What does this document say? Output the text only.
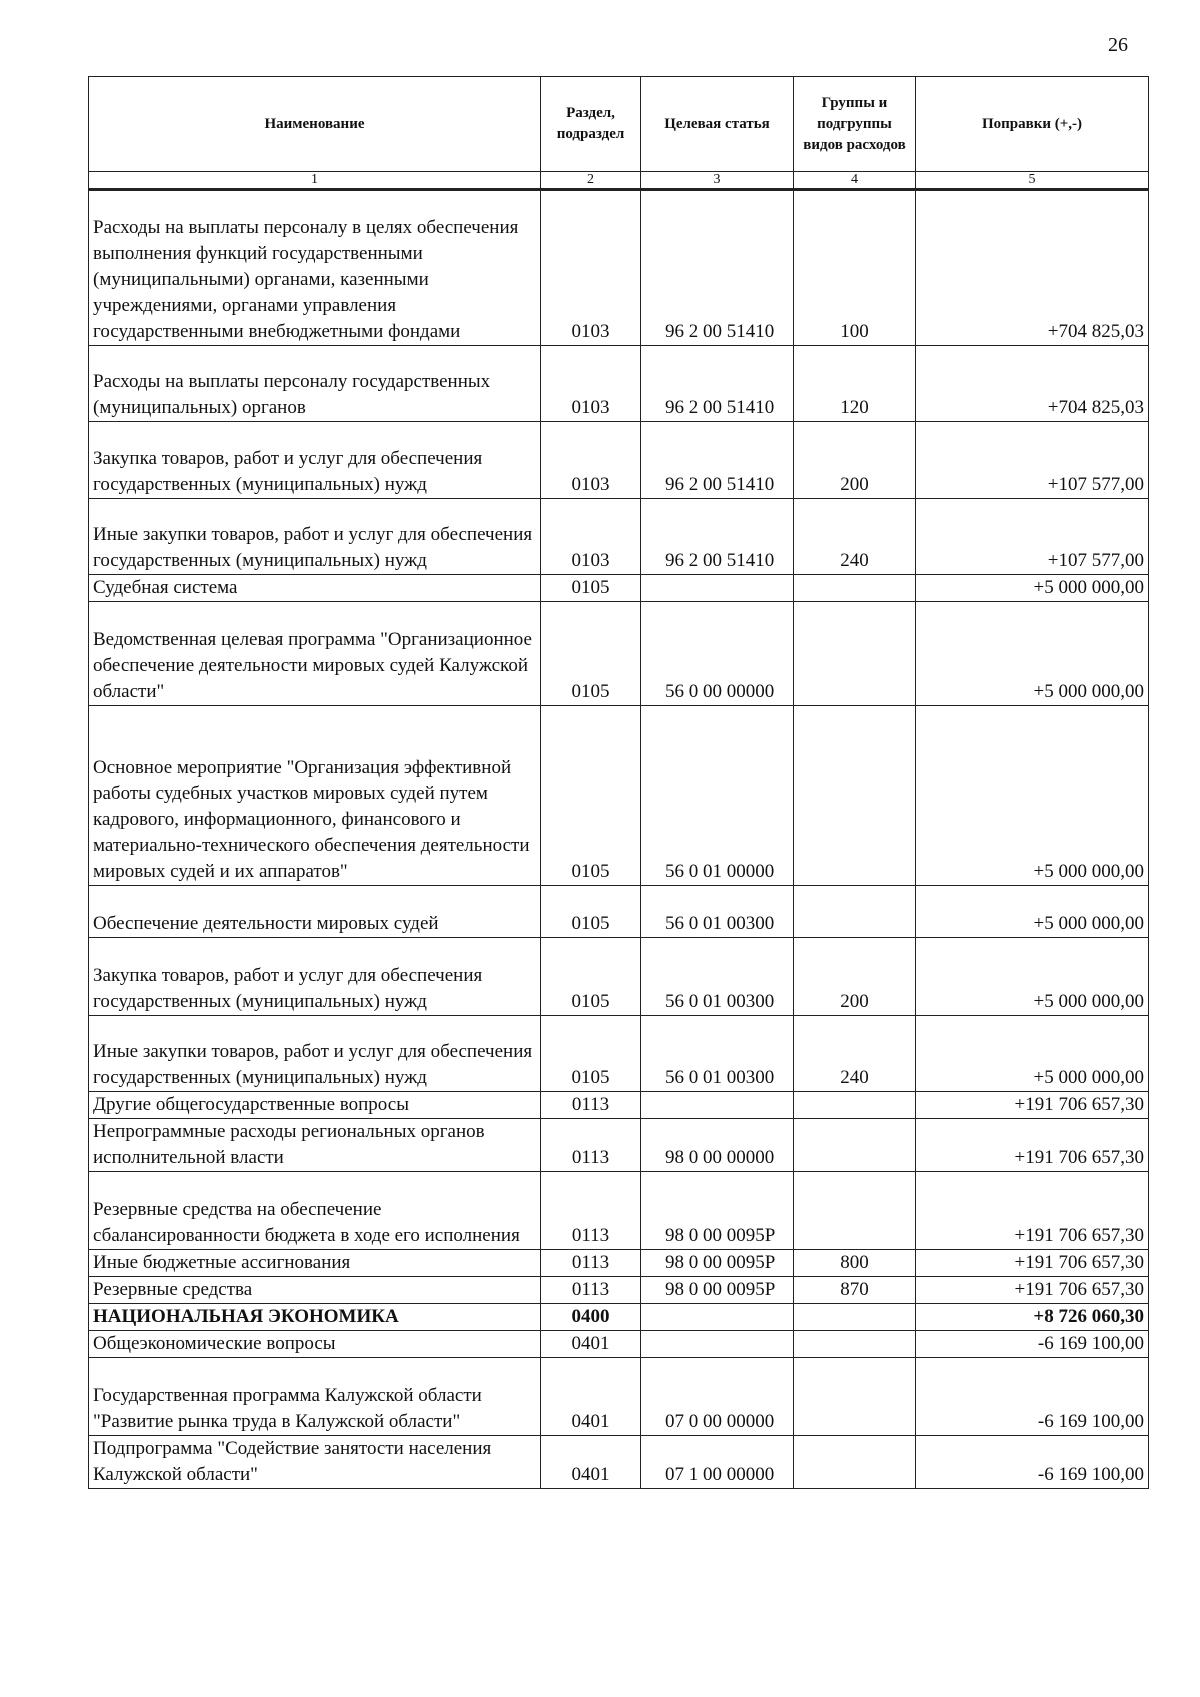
26
Наименование	Раздел, подраздел	Целевая статья	Группы и подгруппы видов расходов	Поправки (+,-)
1	2	3	4	5
Расходы на выплаты персоналу в целях обеспечения выполнения функций государственными (муниципальными) органами, казенными учреждениями, органами управления государственными внебюджетными фондами	0103	96 2 00 51410	100	+704 825,03
Расходы на выплаты персоналу государственных (муниципальных) органов	0103	96 2 00 51410	120	+704 825,03
Закупка товаров, работ и услуг для обеспечения государственных (муниципальных) нужд	0103	96 2 00 51410	200	+107 577,00
Иные закупки товаров, работ и услуг для обеспечения государственных (муниципальных) нужд	0103	96 2 00 51410	240	+107 577,00
Судебная система	0105			+5 000 000,00
Ведомственная целевая программа "Организационное обеспечение деятельности мировых судей Калужской области"	0105	56 0 00 00000		+5 000 000,00
Основное мероприятие "Организация эффективной работы судебных участков мировых судей путем кадрового, информационного, финансового и материально-технического обеспечения деятельности мировых судей и их аппаратов"	0105	56 0 01 00000		+5 000 000,00
Обеспечение деятельности мировых судей	0105	56 0 01 00300		+5 000 000,00
Закупка товаров, работ и услуг для обеспечения государственных (муниципальных) нужд	0105	56 0 01 00300	200	+5 000 000,00
Иные закупки товаров, работ и услуг для обеспечения государственных (муниципальных) нужд	0105	56 0 01 00300	240	+5 000 000,00
Другие общегосударственные вопросы	0113			+191 706 657,30
Непрограммные расходы региональных органов исполнительной власти	0113	98 0 00 00000		+191 706 657,30
Резервные средства на обеспечение сбалансированности бюджета в ходе его исполнения	0113	98 0 00 0095Р		+191 706 657,30
Иные бюджетные ассигнования	0113	98 0 00 0095Р	800	+191 706 657,30
Резервные средства	0113	98 0 00 0095Р	870	+191 706 657,30
НАЦИОНАЛЬНАЯ ЭКОНОМИКА	0400			+8 726 060,30
Общеэкономические вопросы	0401			-6 169 100,00
Государственная программа Калужской области "Развитие рынка труда в Калужской области"	0401	07 0 00 00000		-6 169 100,00
Подпрограмма "Содействие занятости населения Калужской области"	0401	07 1 00 00000		-6 169 100,00
